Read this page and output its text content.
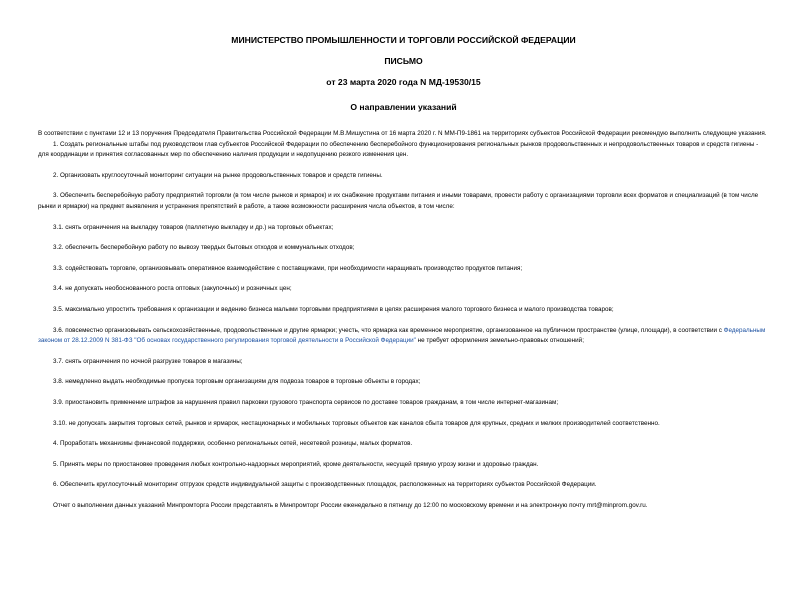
МИНИСТЕРСТВО ПРОМЫШЛЕННОСТИ И ТОРГОВЛИ РОССИЙСКОЙ ФЕДЕРАЦИИ
ПИСЬМО
от 23 марта 2020 года N МД-19530/15
О направлении указаний

В соответствии с пунктами 12 и 13 поручения Председателя Правительства Российской Федерации М.В.Мишустина от 16 марта 2020 г. N ММ-П9-1861 на территориях субъектов Российской Федерации рекомендую выполнить следующие указания.

1. Создать региональные штабы под руководством глав субъектов Российской Федерации по обеспечению бесперебойного функционирования региональных рынков продовольственных и непродовольственных товаров и средств гигиены - для координации и принятия согласованных мер по обеспечению наличия продукции и недопущению резкого изменения цен.

2. Организовать круглосуточный мониторинг ситуации на рынке продовольственных товаров и средств гигиены.

3. Обеспечить бесперебойную работу предприятий торговли (в том числе рынков и ярмарок) и их снабжение продуктами питания и иными товарами, провести работу с организациями торговли всех форматов и специализаций (в том числе рынки и ярмарки) на предмет выявления и устранения препятствий в работе, а также возможности расширения числа объектов, в том числе:

3.1. снять ограничения на выкладку товаров (паллетную выкладку и др.) на торговых объектах;

3.2. обеспечить бесперебойную работу по вывозу твердых бытовых отходов и коммунальных отходов;

3.3. содействовать торговле, организовывать оперативное взаимодействие с поставщиками, при необходимости наращивать производство продуктов питания;

3.4. не допускать необоснованного роста оптовых (закупочных) и розничных цен;

3.5. максимально упростить требования к организации и ведению бизнеса малыми торговыми предприятиями в целях расширения малого торгового бизнеса и малого производства товаров;

3.6. повсеместно организовывать сельскохозяйственные, продовольственные и другие ярмарки; учесть, что ярмарка как временное мероприятие, организованное на публичном пространстве (улице, площади), в соответствии с Федеральным законом от 28.12.2009 N 381-ФЗ "Об основах государственного регулирования торговой деятельности в Российской Федерации" не требует оформления земельно-правовых отношений;

3.7. снять ограничения по ночной разгрузке товаров в магазины;

3.8. немедленно выдать необходимые пропуска торговым организациям для подвоза товаров в торговые объекты в городах;

3.9. приостановить применение штрафов за нарушения правил парковки грузового транспорта сервисов по доставке товаров гражданам, в том числе интернет-магазинам;

3.10. не допускать закрытия торговых сетей, рынков и ярмарок, нестационарных и мобильных торговых объектов как каналов сбыта товаров для крупных, средних и мелких производителей соответственно.

4. Проработать механизмы финансовой поддержки, особенно региональных сетей, несетевой розницы, малых форматов.

5. Принять меры по приостановке проведения любых контрольно-надзорных мероприятий, кроме деятельности, несущей прямую угрозу жизни и здоровью граждан.

6. Обеспечить круглосуточный мониторинг отгрузок средств индивидуальной защиты с производственных площадок, расположенных на территориях субъектов Российской Федерации.

Отчет о выполнении данных указаний Минпромторга России представлять в Минпромторг России еженедельно в пятницу до 12:00 по московскому времени и на электронную почту mrt@minprom.gov.ru.
